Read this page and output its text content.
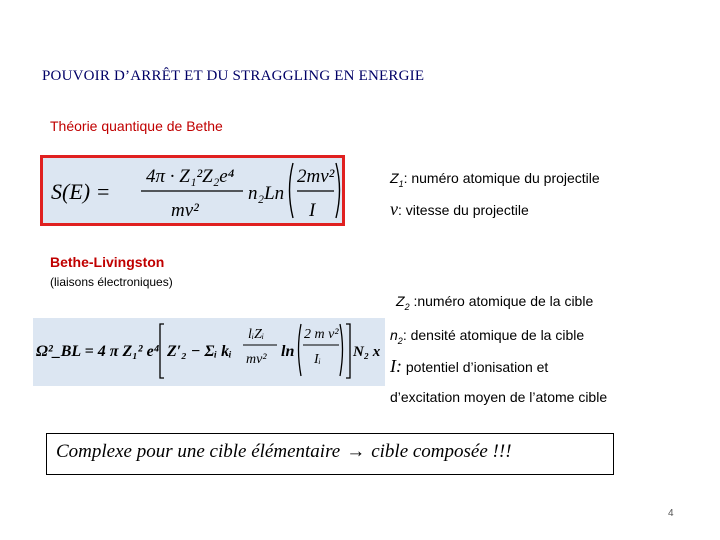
POUVOIR D’ARRÊT ET DU STRAGGLING EN ENERGIE
Théorie quantique de Bethe
S(E) =
4π · Z₁²Z₂e⁴
mv²
n₂Ln
2mv²
I
Bethe-Livingston
(liaisons électroniques)
Ω²_BL = 4 π Z₁² e⁴ Z′₂ − Σᵢ kᵢ
lᵢZᵢ
mv² ln
2 m v²
Iᵢ N₂ x
$Z_1$: numéro atomique du projectile
v: vitesse du projectile
$Z_2$ :numéro atomique de la cible
$n_2$: densité atomique de la cible
I: potentiel d’ionisation et
d’excitation moyen de l’atome cible
Complexe pour une cible élémentaire → cible composée !!!
4
